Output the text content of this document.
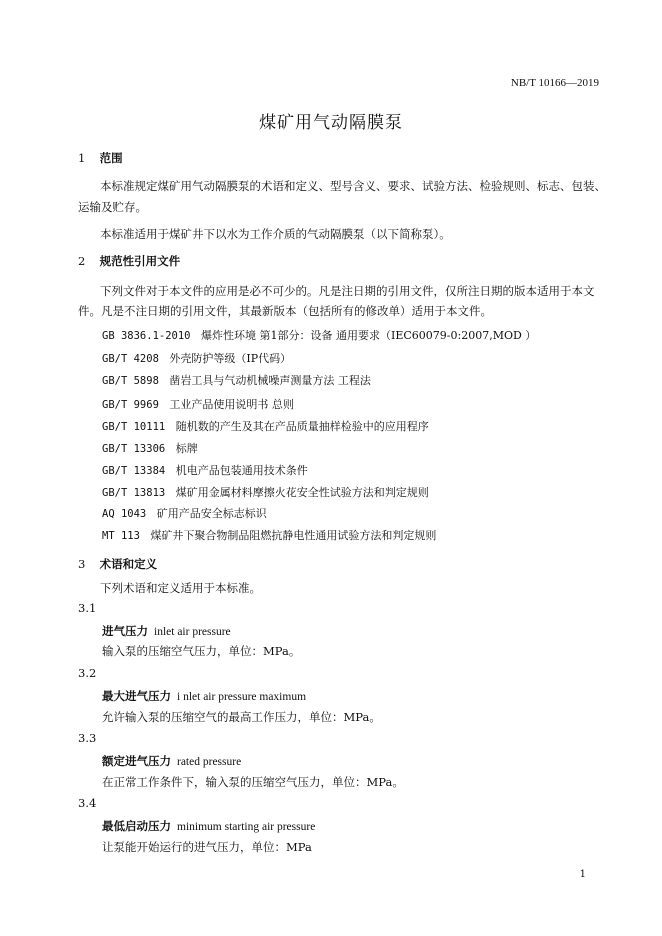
NB/T 10166—2019
煤矿用气动隔膜泵
1 范围
本标准规定煤矿用气动隔膜泵的术语和定义、型号含义、要求、试验方法、检验规则、标志、包装、
运输及贮存。
本标准适用于煤矿井下以水为工作介质的气动隔膜泵（以下简称泵）。
2 规范性引用文件
下列文件对于本文件的应用是必不可少的。凡是注日期的引用文件，仅所注日期的版本适用于本文
件。凡是不注日期的引用文件，其最新版本（包括所有的修改单）适用于本文件。
GB 3836.1-2010 爆炸性环境 第1部分：设备 通用要求（IEC60079-0:2007,MOD ）
GB/T 4208 外壳防护等级（IP代码）
GB/T 5898 凿岩工具与气动机械噪声测量方法 工程法
GB/T 9969 工业产品使用说明书 总则
GB/T 10111 随机数的产生及其在产品质量抽样检验中的应用程序
GB/T 13306 标牌
GB/T 13384 机电产品包装通用技术条件
GB/T 13813 煤矿用金属材料摩擦火花安全性试验方法和判定规则
AQ 1043 矿用产品安全标志标识
MT 113 煤矿井下聚合物制品阻燃抗静电性通用试验方法和判定规则
3 术语和定义
下列术语和定义适用于本标准。
3.1
进气压力 inlet air pressure
输入泵的压缩空气压力，单位：MPa。
3.2
最大进气压力 i nlet air pressure maximum
允许输入泵的压缩空气的最高工作压力，单位：MPa。
3.3
额定进气压力 rated pressure
在正常工作条件下，输入泵的压缩空气压力，单位：MPa。
3.4
最低启动压力 minimum starting air pressure
让泵能开始运行的进气压力，单位：MPa
1
